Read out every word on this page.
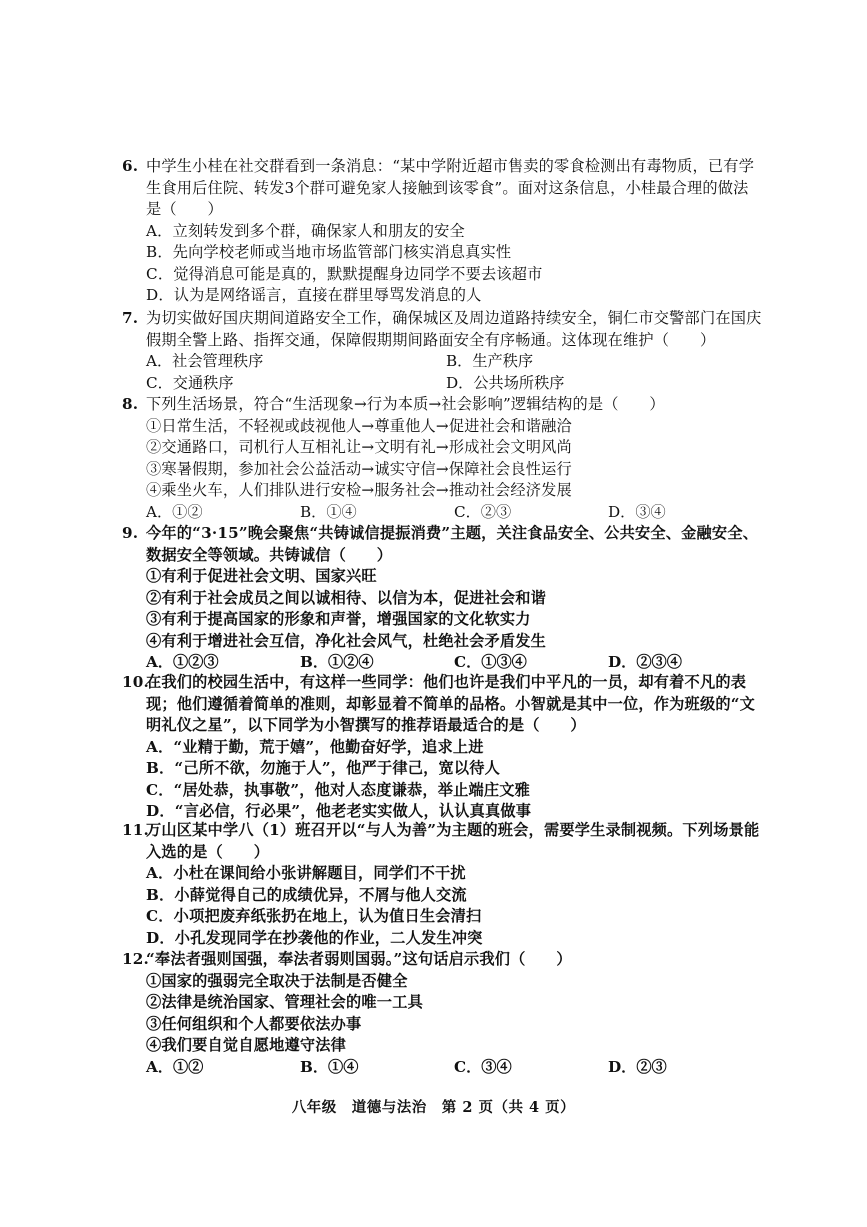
6. 中学生小桂在社交群看到一条消息：“某中学附近超市售卖的零食检测出有毒物质，已有学生食用后住院、转发3个群可避免家人接触到该零食”。面对这条信息，小桂最合理的做法是（　　）
A．立刻转发到多个群，确保家人和朋友的安全
B．先向学校老师或当地市场监管部门核实消息真实性
C．觉得消息可能是真的，默默提醒身边同学不要去该超市
D．认为是网络谣言，直接在群里辱骂发消息的人
7. 为切实做好国庆期间道路安全工作，确保城区及周边道路持续安全，铜仁市交警部门在国庆假期全警上路、指挥交通，保障假期期间路面安全有序畅通。这体现在维护（　　）
A．社会管理秩序	B．生产秩序
C．交通秩序	D．公共场所秩序
8. 下列生活场景，符合“生活现象→行为本质→社会影响”逻辑结构的是（　　）
①日常生活，不轻视或歧视他人→尊重他人→促进社会和谐融洽
②交通路口，司机行人互相礼让→文明有礼→形成社会文明风尚
③寒暑假期，参加社会公益活动→诚实守信→保障社会良性运行
④乘坐火车，人们排队进行安检→服务社会→推动社会经济发展
A．①②	B．①④	C．②③	D．③④
9. 今年的“3·15”晚会聚焦“共铸诚信提振消费”主题，关注食品安全、公共安全、金融安全、数据安全等领域。共铸诚信（　　）
①有利于促进社会文明、国家兴旺
②有利于社会成员之间以诚相待、以信为本，促进社会和谐
③有利于提高国家的形象和声誉，增强国家的文化软实力
④有利于增进社会互信，净化社会风气，杜绝社会矛盾发生
A．①②③	B．①②④	C．①③④	D．②③④
10.在我们的校园生活中，有这样一些同学：他们也许是我们中平凡的一员，却有着不凡的表现；他们遵循着简单的准则，却彰显着不简单的品格。小智就是其中一位，作为班级的“文明礼仪之星”，以下同学为小智撰写的推荐语最适合的是（　　）
A．“业精于勤，荒于嬉”，他勤奋好学，追求上进
B．“己所不欲，勿施于人”，他严于律己，宽以待人
C．“居处恭，执事敬”，他对人态度谦恭，举止端庄文雅
D．“言必信，行必果”，他老老实实做人，认认真真做事
11.万山区某中学八（1）班召开以“与人为善”为主题的班会，需要学生录制视频。下列场景能入选的是（　　）
A．小杜在课间给小张讲解题目，同学们不干扰
B．小薛觉得自己的成绩优异，不屑与他人交流
C．小项把废弃纸张扔在地上，认为值日生会清扫
D．小孔发现同学在抄袭他的作业，二人发生冲突
12.“奉法者强则国强，奉法者弱则国弱。”这句话启示我们（　　）
①国家的强弱完全取决于法制是否健全
②法律是统治国家、管理社会的唯一工具
③任何组织和个人都要依法办事
④我们要自觉自愿地遵守法律
A．①②	B．①④	C．③④	D．②③
八年级　道德与法治　第 2 页（共 4 页）
